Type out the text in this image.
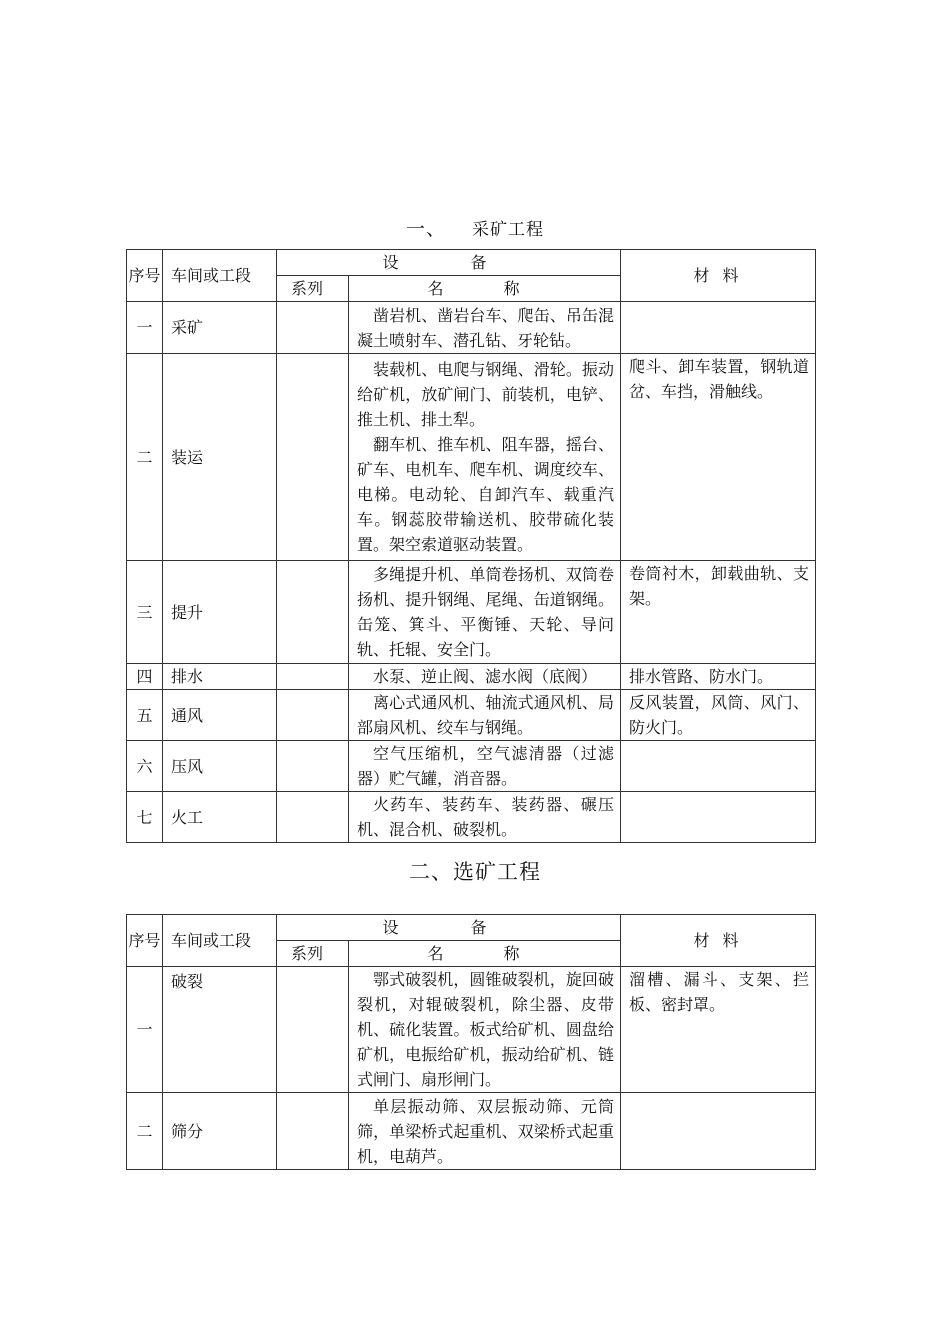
一、 采矿工程
序号	车间或工段	设　备		材 料
		系列	名　称	
一	采矿		凿岩机、凿岩台车、爬缶、吊缶混凝土喷射车、潜孔钻、牙轮钻。	

二	装运		装载机、电爬与钢绳、滑轮。振动给矿机，放矿闸门、前装机，电铲、推土机、排土犁。
翻车机、推车机、阻车器，摇台、矿车、电机车、爬车机、调度绞车、电梯。电动轮、自卸汽车、载重汽车。钢蕊胶带输送机、胶带硫化装置。架空索道驱动装置。	爬斗、卸车装置，钢轨道岔、车挡，滑触线。
三	提升		多绳提升机、单筒卷扬机、双筒卷扬机、提升钢绳、尾绳、缶道钢绳。缶笼、箕斗、平衡锤、天轮、导问轨、托辊、安全门。	卷筒衬木，卸载曲轨、支架。
四	排水		水泵、逆止阀、滤水阀（底阀）	排水管路、防水门。
五	通风		离心式通风机、轴流式通风机、局部扇风机、绞车与钢绳。	反风装置，风筒、风门、防火门。
六	压风		空气压缩机，空气滤清器（过滤器）贮气罐，消音器。	

七	火工		火药车、装药车、装药器、碾压机、混合机、破裂机。	

二、选矿工程
序号	车间或工段	设　备		材 料
		系列	名　称	
一	破裂		鄂式破裂机，圆锥破裂机，旋回破裂机，对辊破裂机，除尘器、皮带机、硫化装置。板式给矿机、圆盘给矿机，电振给矿机，振动给矿机、链式闸门、扇形闸门。	溜槽、漏斗、支架、拦板、密封罩。
二	筛分		单层振动筛、双层振动筛、元筒筛，单梁桥式起重机、双梁桥式起重机，电葫芦。	
